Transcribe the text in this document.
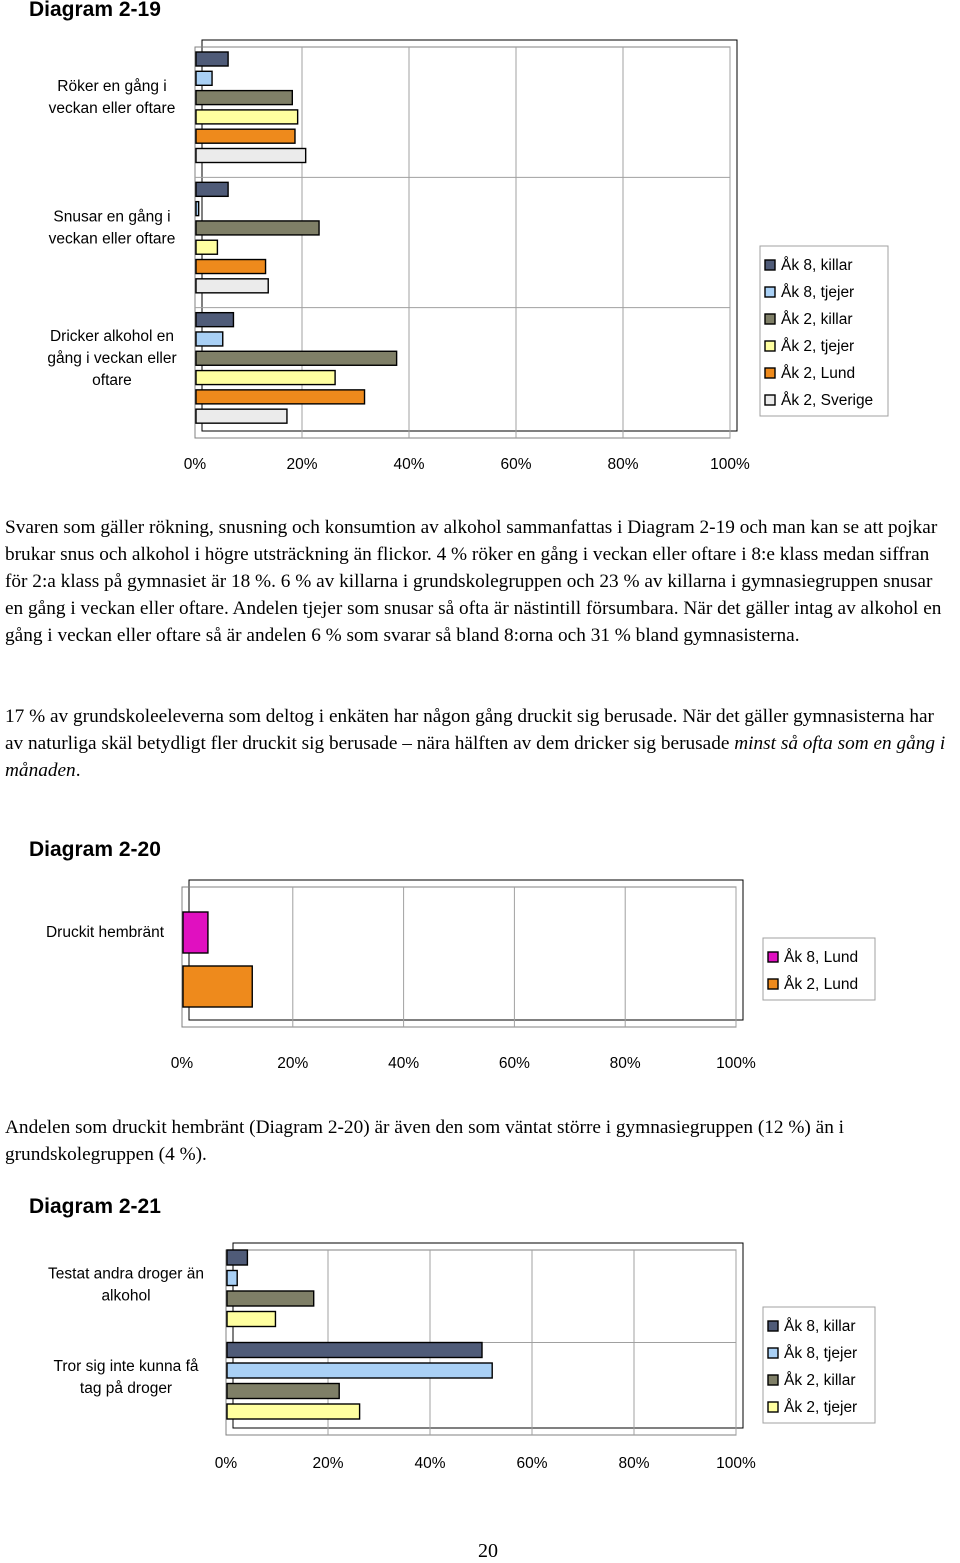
Diagram 2-19
0%	20%	40%	60%	80%	100%
Röker en gång i
veckan eller oftare
Snusar en gång i
veckan eller oftare
Dricker alkohol en
gång i veckan eller
oftare
Åk 8, killar
Åk 8, tjejer
Åk 2, killar
Åk 2, tjejer
Åk 2, Lund
Åk 2, Sverige

Svaren som gäller rökning, snusning och konsumtion av alkohol sammanfattas i Diagram 2-19 och man kan se att pojkar brukar snus och alkohol i högre utsträckning än flickor. 4 % röker en gång i veckan eller oftare i 8:e klass medan siffran för 2:a klass på gymnasiet är 18 %. 6 % av killarna i grundskolegruppen och 23 % av killarna i gymnasiegruppen snusar en gång i veckan eller oftare. Andelen tjejer som snusar så ofta är nästintill försumbara. När det gäller intag av alkohol en gång i veckan eller oftare så är andelen 6 % som svarar så bland 8:orna och 31 % bland gymnasisterna.

17 % av grundskoleeleverna som deltog i enkäten har någon gång druckit sig berusade. När det gäller gymnasisterna har av naturliga skäl betydligt fler druckit sig berusade – nära hälften av dem dricker sig berusade minst så ofta som en gång i månaden.

Diagram 2-20
0%	20%	40%	60%	80%	100%
Druckit hembränt
Åk 8, Lund
Åk 2, Lund

Andelen som druckit hembränt (Diagram 2-20) är även den som väntat större i gymnasiegruppen (12 %) än i grundskolegruppen (4 %).

Diagram 2-21
0%	20%	40%	60%	80%	100%
Testat andra droger än
alkohol
Tror sig inte kunna få
tag på droger
Åk 8, killar
Åk 8, tjejer
Åk 2, killar
Åk 2, tjejer
20
